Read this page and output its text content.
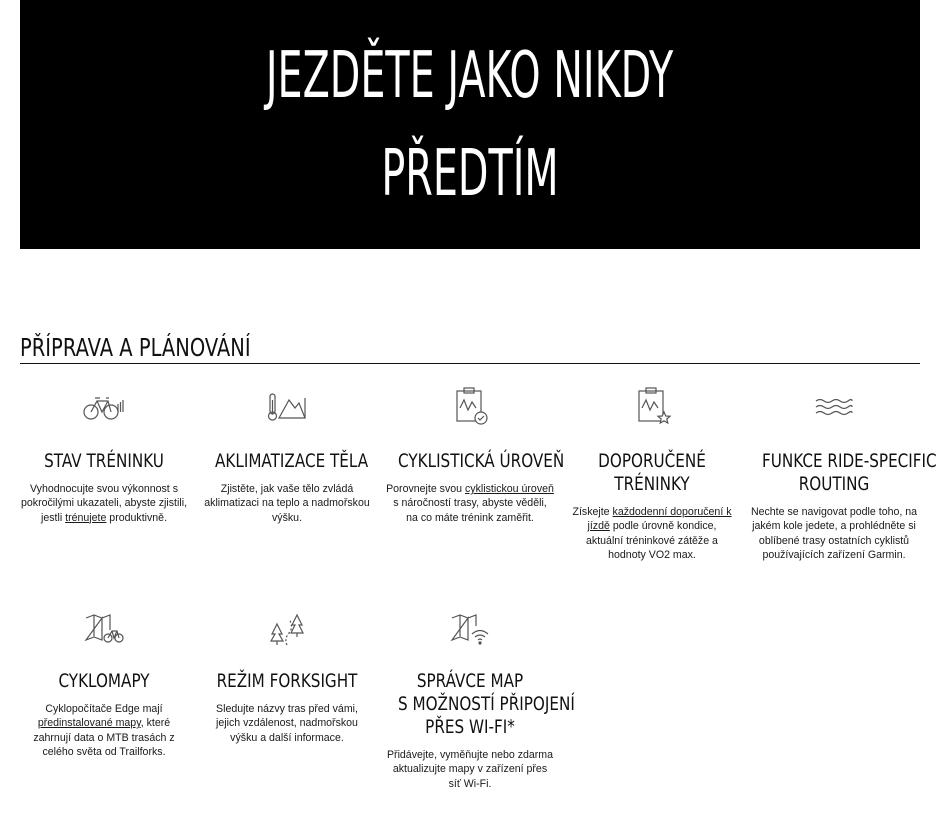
JEZDĚTE JAKO NIKDY
PŘEDTÍM
PŘÍPRAVA A PLÁNOVÁNÍ
STAV TRÉNINKU
Vyhodnocujte svou výkonnost s pokročilými ukazateli, abyste zjistili, jestli trénujete produktivně.
AKLIMATIZACE TĚLA
Zjistěte, jak vaše tělo zvládá aklimatizaci na teplo a nadmořskou výšku.
CYKLISTICKÁ ÚROVEŇ
Porovnejte svou cyklistickou úroveň s náročností trasy, abyste věděli, na co máte trénink zaměřit.
DOPORUČENÉ
TRÉNINKY
Získejte každodenní doporučení k jízdě podle úrovně kondice, aktuální tréninkové zátěže a hodnoty VO2 max.
FUNKCE RIDE-SPECIFIC
ROUTING
Nechte se navigovat podle toho, na jakém kole jedete, a prohlédněte si oblíbené trasy ostatních cyklistů používajících zařízení Garmin.
CYKLOMAPY
Cyklopočítače Edge mají předinstalované mapy, které zahrnují data o MTB trasách z celého světa od Trailforks.
REŽIM FORKSIGHT
Sledujte názvy tras před vámi, jejich vzdálenost, nadmořskou výšku a další informace.
SPRÁVCE MAP
S MOŽNOSTÍ PŘIPOJENÍ
PŘES WI-FI*
Přidávejte, vyměňujte nebo zdarma aktualizujte mapy v zařízení přes síť Wi-Fi.
